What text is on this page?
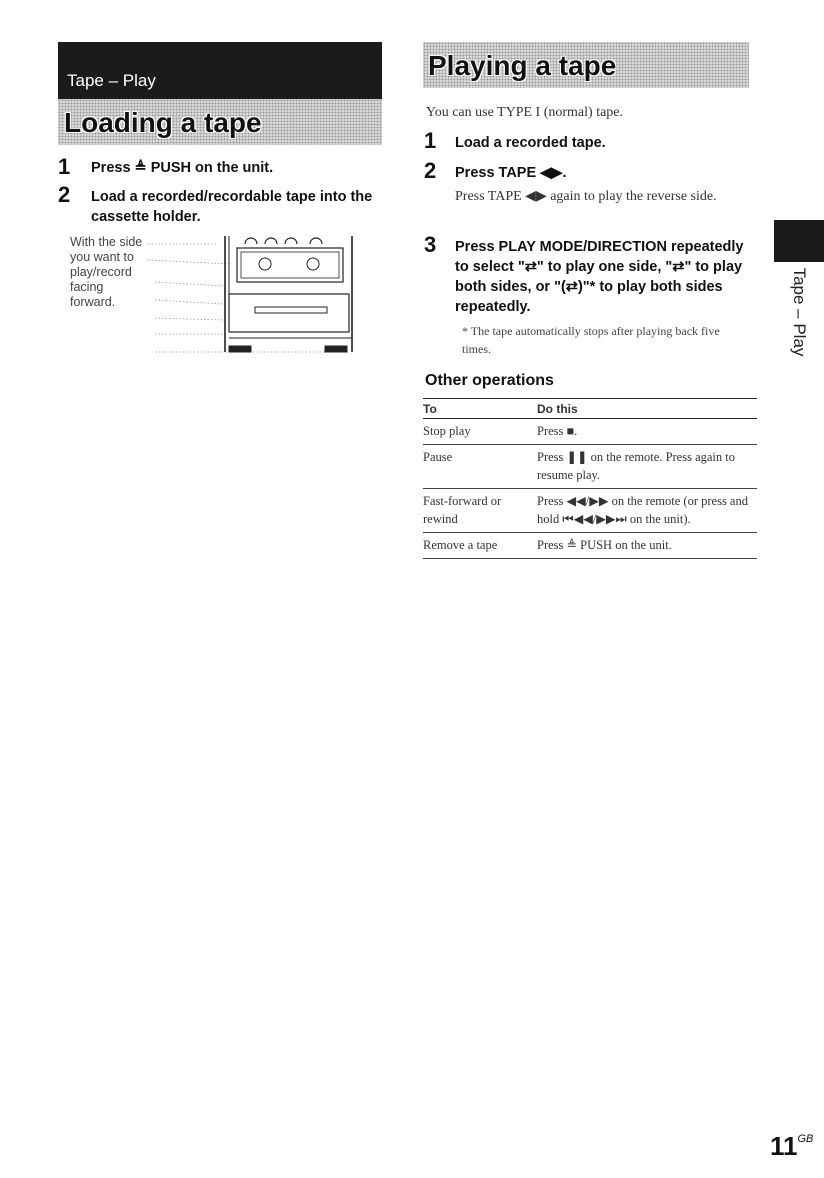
Tape – Play
Loading a tape
1 Press ≜ PUSH on the unit.
2 Load a recorded/recordable tape into the cassette holder.
With the side
you want to
play/record
facing
forward.
Playing a tape
You can use TYPE I (normal) tape.
1 Load a recorded tape.
2 Press TAPE ◀▶.
Press TAPE ◀▶ again to play the reverse side.
3 Press PLAY MODE/DIRECTION repeatedly to select "⇄" to play one side, "⇄" to play both sides, or "(⇄)"* to play both sides repeatedly.
* The tape automatically stops after playing back five times.
Other operations
To	Do this
Stop play	Press ■.
Pause	Press ❚❚ on the remote. Press again to resume play.
Fast-forward or rewind	Press ◀◀/▶▶ on the remote (or press and hold ⏮◀◀/▶▶⏭ on the unit).
Remove a tape	Press ≜ PUSH on the unit.
Tape – Play
$11^{GB}$
